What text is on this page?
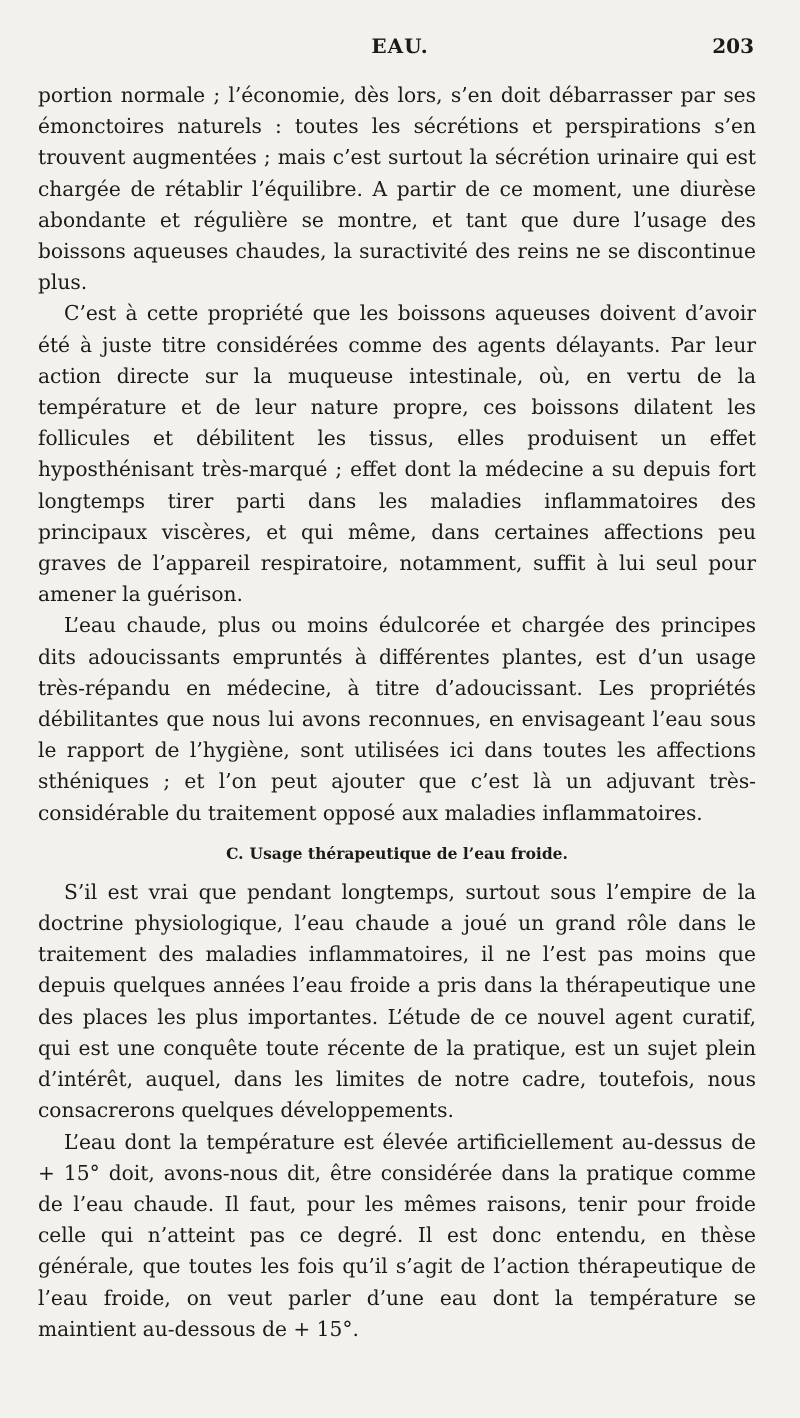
EAU.	203

portion normale ; l’économie, dès lors, s’en doit débarrasser par ses émonctoires naturels : toutes les sécrétions et perspirations s’en trouvent augmentées ; mais c’est surtout la sécrétion urinaire qui est chargée de rétablir l’équilibre. A partir de ce moment, une diurèse abondante et régulière se montre, et tant que dure l’usage des boissons aqueuses chaudes, la suractivité des reins ne se discontinue plus.

C’est à cette propriété que les boissons aqueuses doivent d’avoir été à juste titre considérées comme des agents délayants. Par leur action directe sur la muqueuse intestinale, où, en vertu de la température et de leur nature propre, ces boissons dilatent les follicules et débilitent les tissus, elles produisent un effet hyposthénisant très-marqué ; effet dont la médecine a su depuis fort longtemps tirer parti dans les maladies inflammatoires des principaux viscères, et qui même, dans certaines affections peu graves de l’appareil respiratoire, notamment, suffit à lui seul pour amener la guérison.

L’eau chaude, plus ou moins édulcorée et chargée des principes dits adoucissants empruntés à différentes plantes, est d’un usage très-répandu en médecine, à titre d’adoucissant. Les propriétés débilitantes que nous lui avons reconnues, en envisageant l’eau sous le rapport de l’hygiène, sont utilisées ici dans toutes les affections sthéniques ; et l’on peut ajouter que c’est là un adjuvant très-considérable du traitement opposé aux maladies inflammatoires.

C. Usage thérapeutique de l’eau froide.

S’il est vrai que pendant longtemps, surtout sous l’empire de la doctrine physiologique, l’eau chaude a joué un grand rôle dans le traitement des maladies inflammatoires, il ne l’est pas moins que depuis quelques années l’eau froide a pris dans la thérapeutique une des places les plus importantes. L’étude de ce nouvel agent curatif, qui est une conquête toute récente de la pratique, est un sujet plein d’intérêt, auquel, dans les limites de notre cadre, toutefois, nous consacrerons quelques développements.

L’eau dont la température est élevée artificiellement au-dessus de + 15° doit, avons-nous dit, être considérée dans la pratique comme de l’eau chaude. Il faut, pour les mêmes raisons, tenir pour froide celle qui n’atteint pas ce degré. Il est donc entendu, en thèse générale, que toutes les fois qu’il s’agit de l’action thérapeutique de l’eau froide, on veut parler d’une eau dont la température se maintient au-dessous de + 15°.
